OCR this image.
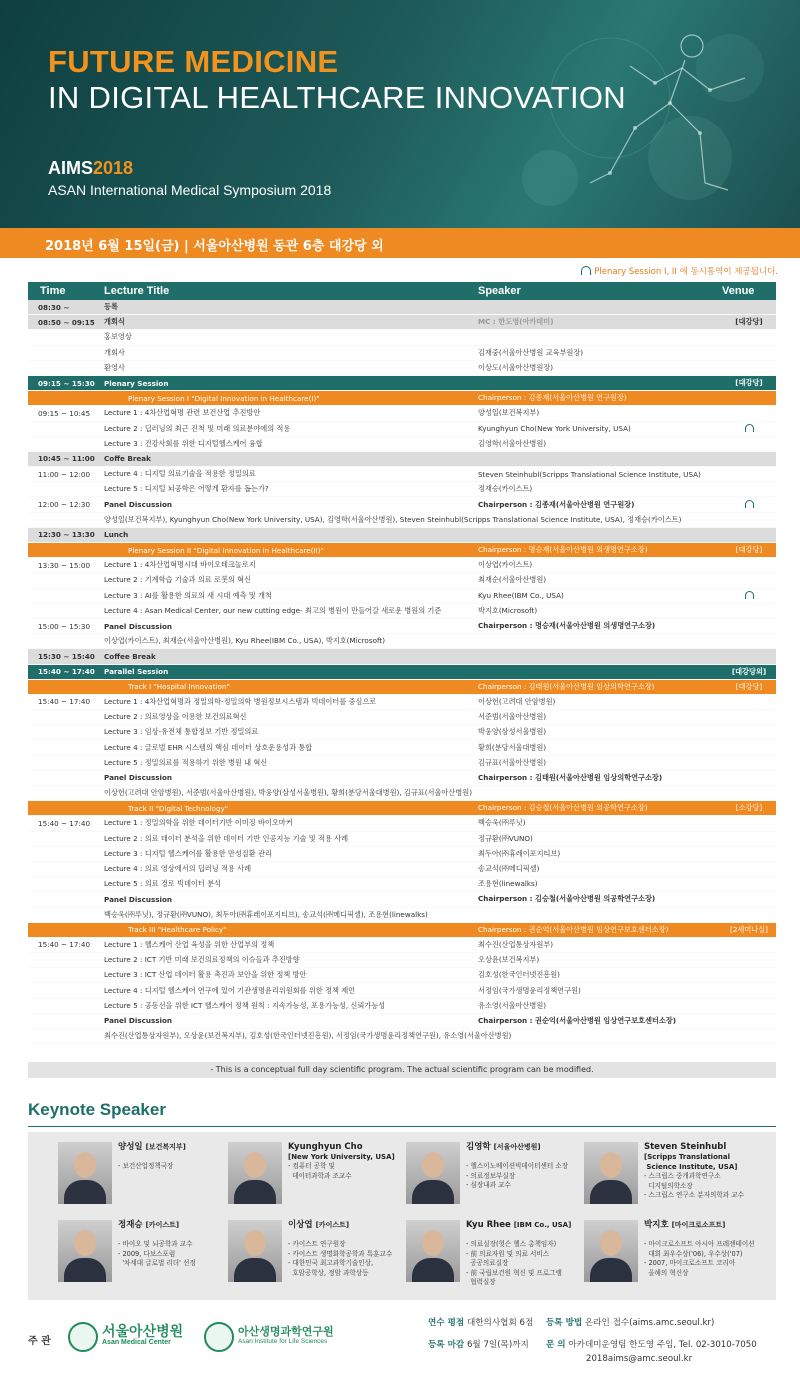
FUTURE MEDICINE
IN DIGITAL HEALTHCARE INNOVATION
AIMS2018
ASAN International Medical Symposium 2018
2018년 6월 15일(금) | 서울아산병원 동관 6층 대강당 외
Plenary Session I, II 에 동시통역이 제공됩니다.
Time	Lecture Title	Speaker	Venue
08:30 ~	등록
08:50 ~ 09:15	개회식	MC : 한도영(아카데미)	[대강당]
홍보영상
개회사	김재중(서울아산병원 교육부원장)
환영사	이상도(서울아산병원장)
09:15 ~ 15:30	Plenary Session	[대강당]
Plenary Session I "Digital Innovation in Healthcare(I)"	Chairperson : 김종재(서울아산병원 연구원장)
09:15 ~ 10:45	Lecture 1 : 4차산업혁명 관련 보건산업 추진방안	양성일(보건복지부)
Lecture 2 : 딥러닝의 최근 진척 및 미래 의료분야에의 적용	Kyunghyun Cho(New York University, USA)
Lecture 3 : 건강사회를 위한 디지털헬스케어 융합	김영학(서울아산병원)
10:45 ~ 11:00	Coffe Break
11:00 ~ 12:00	Lecture 4 : 디지털 의료기술을 적용한 정밀의료	Steven Steinhubl(Scripps Translational Science Institute, USA)
Lecture 5 : 디지털 뇌공학은 어떻게 환자를 돕는가?	정재승(카이스트)
12:00 ~ 12:30	Panel Discussion	Chairperson : 김종재(서울아산병원 연구원장)
양성일(보건복지부), Kyunghyun Cho(New York University, USA), 김영학(서울아산병원), Steven Steinhubl(Scripps Translational Science Institute, USA), 정재승(카이스트)
12:30 ~ 13:30	Lunch
Plenary Session II "Digital Innovation in Healthcare(II)"	Chairperson : 명승재(서울아산병원 의생명연구소장)	[대강당]
13:30 ~ 15:00	Lecture 1 : 4차산업혁명시대 바이오테크놀로지	이상엽(카이스트)
Lecture 2 : 기계학습 기술과 의료 로봇의 혁신	최재순(서울아산병원)
Lecture 3 : AI를 활용한 의료의 새 시대 예측 및 개척	Kyu Rhee(IBM Co., USA)
Lecture 4 : Asan Medical Center, our new cutting edge- 최고의 병원이 만들어갈 새로운 병원의 기준	박지호(Microsoft)
15:00 ~ 15:30	Panel Discussion	Chairperson : 명승재(서울아산병원 의생명연구소장)
이상엽(카이스트), 최재순(서울아산병원), Kyu Rhee(IBM Co., USA), 박지호(Microsoft)
15:30 ~ 15:40	Coffee Break
15:40 ~ 17:40	Parallel Session	[대강당외]
Track I "Hospital Innovation"	Chairperson : 김태원(서울아산병원 임상의학연구소장)	[대강당]
15:40 ~ 17:40	Lecture 1 : 4차산업혁명과 정밀의학-정밀의학 병원정보시스템과 빅데이터를 중심으로	이상헌(고려대 안암병원)
Lecture 2 : 의료영상을 이용한 보건의료혁신	서준범(서울아산병원)
Lecture 3 : 임상-유전체 통합정보 기반 정밀의료	박웅양(삼성서울병원)
Lecture 4 : 글로벌 EHR 시스템의 핵심 데이터 상호운용성과 통합	황희(분당서울대병원)
Lecture 5 : 정밀의료를 적용하기 위한 병원 내 혁신	김규표(서울아산병원)
Panel Discussion	Chairperson : 김태원(서울아산병원 임상의학연구소장)
이상헌(고려대 안암병원), 서준범(서울아산병원), 박웅양(삼성서울병원), 황희(분당서울대병원), 김규표(서울아산병원)
Track II "Digital Technology"	Chairperson : 김승철(서울아산병원 의공학연구소장)	[소강당]
15:40 ~ 17:40	Lecture 1 : 정밀의학을 위한 데이터기반 이미징 바이오마커	백승욱(㈜루닛)
Lecture 2 : 의료 데이터 분석을 위한 데이터 기반 인공지능 기술 및 적용 사례	정규환(㈜VUNO)
Lecture 3 : 디지털 헬스케어를 활용한 만성질환 관리	최두아(㈜휴레이포지티브)
Lecture 4 : 의료 영상에서의 딥러닝 적용 사례	송교석(㈜메디픽셀)
Lecture 5 : 의료 경로 빅데이터 분석	조용현(linewalks)
Panel Discussion	Chairperson : 김승철(서울아산병원 의공학연구소장)
백승욱(㈜루닛), 정규환(㈜VUNO), 최두아(㈜휴레이포지티브), 송교석(㈜메디픽셀), 조용현(linewalks)
Track III "Healthcare Policy"	Chairperson : 권순억(서울아산병원 임상연구보호센터소장)	[2세미나실]
15:40 ~ 17:40	Lecture 1 : 헬스케어 산업 육성을 위한 산업부의 정책	최수진(산업통상자원부)
Lecture 2 : ICT 기반 미래 보건의료정책의 이슈들과 추진방향	오상윤(보건복지부)
Lecture 3 : ICT 산업 데이터 활용 촉진과 보안을 위한 정책 방안	김호성(한국인터넷진흥원)
Lecture 4 : 디지털 헬스케어 연구에 있어 기관생명윤리위원회를 위한 정책 제언	서정임(국가생명윤리정책연구원)
Lecture 5 : 공동선을 위한 ICT 헬스케어 정책 원칙 : 지속가능성, 포용가능성, 신뢰가능성	유소영(서울아산병원)
Panel Discussion	Chairperson : 권순억(서울아산병원 임상연구보호센터소장)
최수진(산업통상자원부), 오상윤(보건복지부), 김호성(한국인터넷진흥원), 서정임(국가생명윤리정책연구원), 유소영(서울아산병원)
- This is a conceptual full day scientific program. The actual scientific program can be modified.
Keynote Speaker
양성일 [보건복지부]
- 보건산업정책국장
Kyunghyun Cho [New York University, USA]
- 컴퓨터 공학 및
데이터과학과 조교수
김영학 [서울아산병원]
- 헬스이노베이션빅데이터센터 소장
- 의료정보부실장
- 심장내과 교수
Steven Steinhubl [Scripps Translational
Science Institute, USA]
- 스크립스 중개과학연구소
디지털의학소장
- 스크립스 연구소 분자의학과 교수
정재승 [카이스트]
- 바이오 및 뇌공학과 교수
- 2009, 다보스포럼
'차세대 글로벌 리더' 선정
이상엽 [카이스트]
- 카이스트 연구원장
- 카이스트 생명화학공학과 특훈교수
- 대한민국 최고과학기술인상,
호암공학상, 정암 과학상등
Kyu Rhee [IBM Co., USA]
- 의료실장(헛슨 헬스 총책임자)
- 前 의료자원 및 의료 서비스
공공의료실장
- 前 국립보건원 혁신 및 프로그램
협력실장
박지호 [마이크로소프트]
- 마이크로소프트 아시아 프레젠테이션
대회 최우수상('06), 우수상('07)
- 2007, 마이크로소프트 코리아
올해의 혁신상
주 관
서울아산병원
Asan Medical Center
아산생명과학연구원
Asan Institute for Life Sciences
연수 평점 대한의사협회 6점 등록 방법 온라인 접수(aims.amc.seoul.kr)
등록 마감 6월 7일(목)까지 문 의 아카데미운영팀 한도영 주임, Tel. 02-3010-7050
2018aims@amc.seoul.kr
